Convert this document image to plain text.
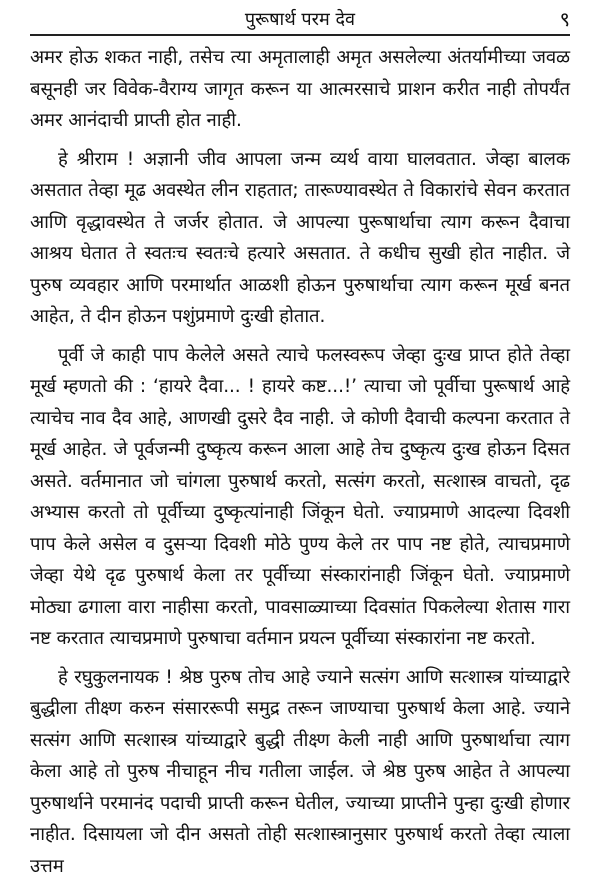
पुरूषार्थ परम देव	९

अमर होऊ शकत नाही, तसेच त्या अमृतालाही अमृत असलेल्या अंतर्यामीच्या जवळ बसूनही जर विवेक-वैराग्य जागृत करून या आत्मरसाचे प्राशन करीत नाही तोपर्यंत अमर आनंदाची प्राप्ती होत नाही.

हे श्रीराम ! अज्ञानी जीव आपला जन्म व्यर्थ वाया घालवतात. जेव्हा बालक असतात तेव्हा मूढ अवस्थेत लीन राहतात; तारूण्यावस्थेत ते विकारांचे सेवन करतात आणि वृद्धावस्थेत ते जर्जर होतात. जे आपल्या पुरूषार्थाचा त्याग करून दैवाचा आश्रय घेतात ते स्वतःच स्वतःचे हत्यारे असतात. ते कधीच सुखी होत नाहीत. जे पुरुष व्यवहार आणि परमार्थात आळशी होऊन पुरुषार्थाचा त्याग करून मूर्ख बनत आहेत, ते दीन होऊन पशुंप्रमाणे दुःखी होतात.

पूर्वी जे काही पाप केलेले असते त्याचे फलस्वरूप जेव्हा दुःख प्राप्त होते तेव्हा मूर्ख म्हणतो की : ‘हायरे दैवा... ! हायरे कष्ट...!’ त्याचा जो पूर्वीचा पुरूषार्थ आहे त्याचेच नाव दैव आहे, आणखी दुसरे दैव नाही. जे कोणी दैवाची कल्पना करतात ते मूर्ख आहेत. जे पूर्वजन्मी दुष्कृत्य करून आला आहे तेच दुष्कृत्य दुःख होऊन दिसत असते. वर्तमानात जो चांगला पुरुषार्थ करतो, सत्संग करतो, सत्शास्त्र वाचतो, दृढ अभ्यास करतो तो पूर्वीच्या दुष्कृत्यांनाही जिंकून घेतो. ज्याप्रमाणे आदल्या दिवशी पाप केले असेल व दुसऱ्या दिवशी मोठे पुण्य केले तर पाप नष्ट होते, त्याचप्रमाणे जेव्हा येथे दृढ पुरुषार्थ केला तर पूर्वीच्या संस्कारांनाही जिंकून घेतो. ज्याप्रमाणे मोठ्या ढगाला वारा नाहीसा करतो, पावसाळ्याच्या दिवसांत पिकलेल्या शेतास गारा नष्ट करतात त्याचप्रमाणे पुरुषाचा वर्तमान प्रयत्न पूर्वीच्या संस्कारांना नष्ट करतो.

हे रघुकुलनायक ! श्रेष्ठ पुरुष तोच आहे ज्याने सत्संग आणि सत्शास्त्र यांच्याद्वारे बुद्धीला तीक्ष्ण करुन संसाररूपी समुद्र तरून जाण्याचा पुरुषार्थ केला आहे. ज्याने सत्संग आणि सत्शास्त्र यांच्याद्वारे बुद्धी तीक्ष्ण केली नाही आणि पुरुषार्थाचा त्याग केला आहे तो पुरुष नीचाहून नीच गतीला जाईल. जे श्रेष्ठ पुरुष आहेत ते आपल्या पुरुषार्थाने परमानंद पदाची प्राप्ती करून घेतील, ज्याच्या प्राप्तीने पुन्हा दुःखी होणार नाहीत. दिसायला जो दीन असतो तोही सत्शास्त्रानुसार पुरुषार्थ करतो तेव्हा त्याला उत्तम
